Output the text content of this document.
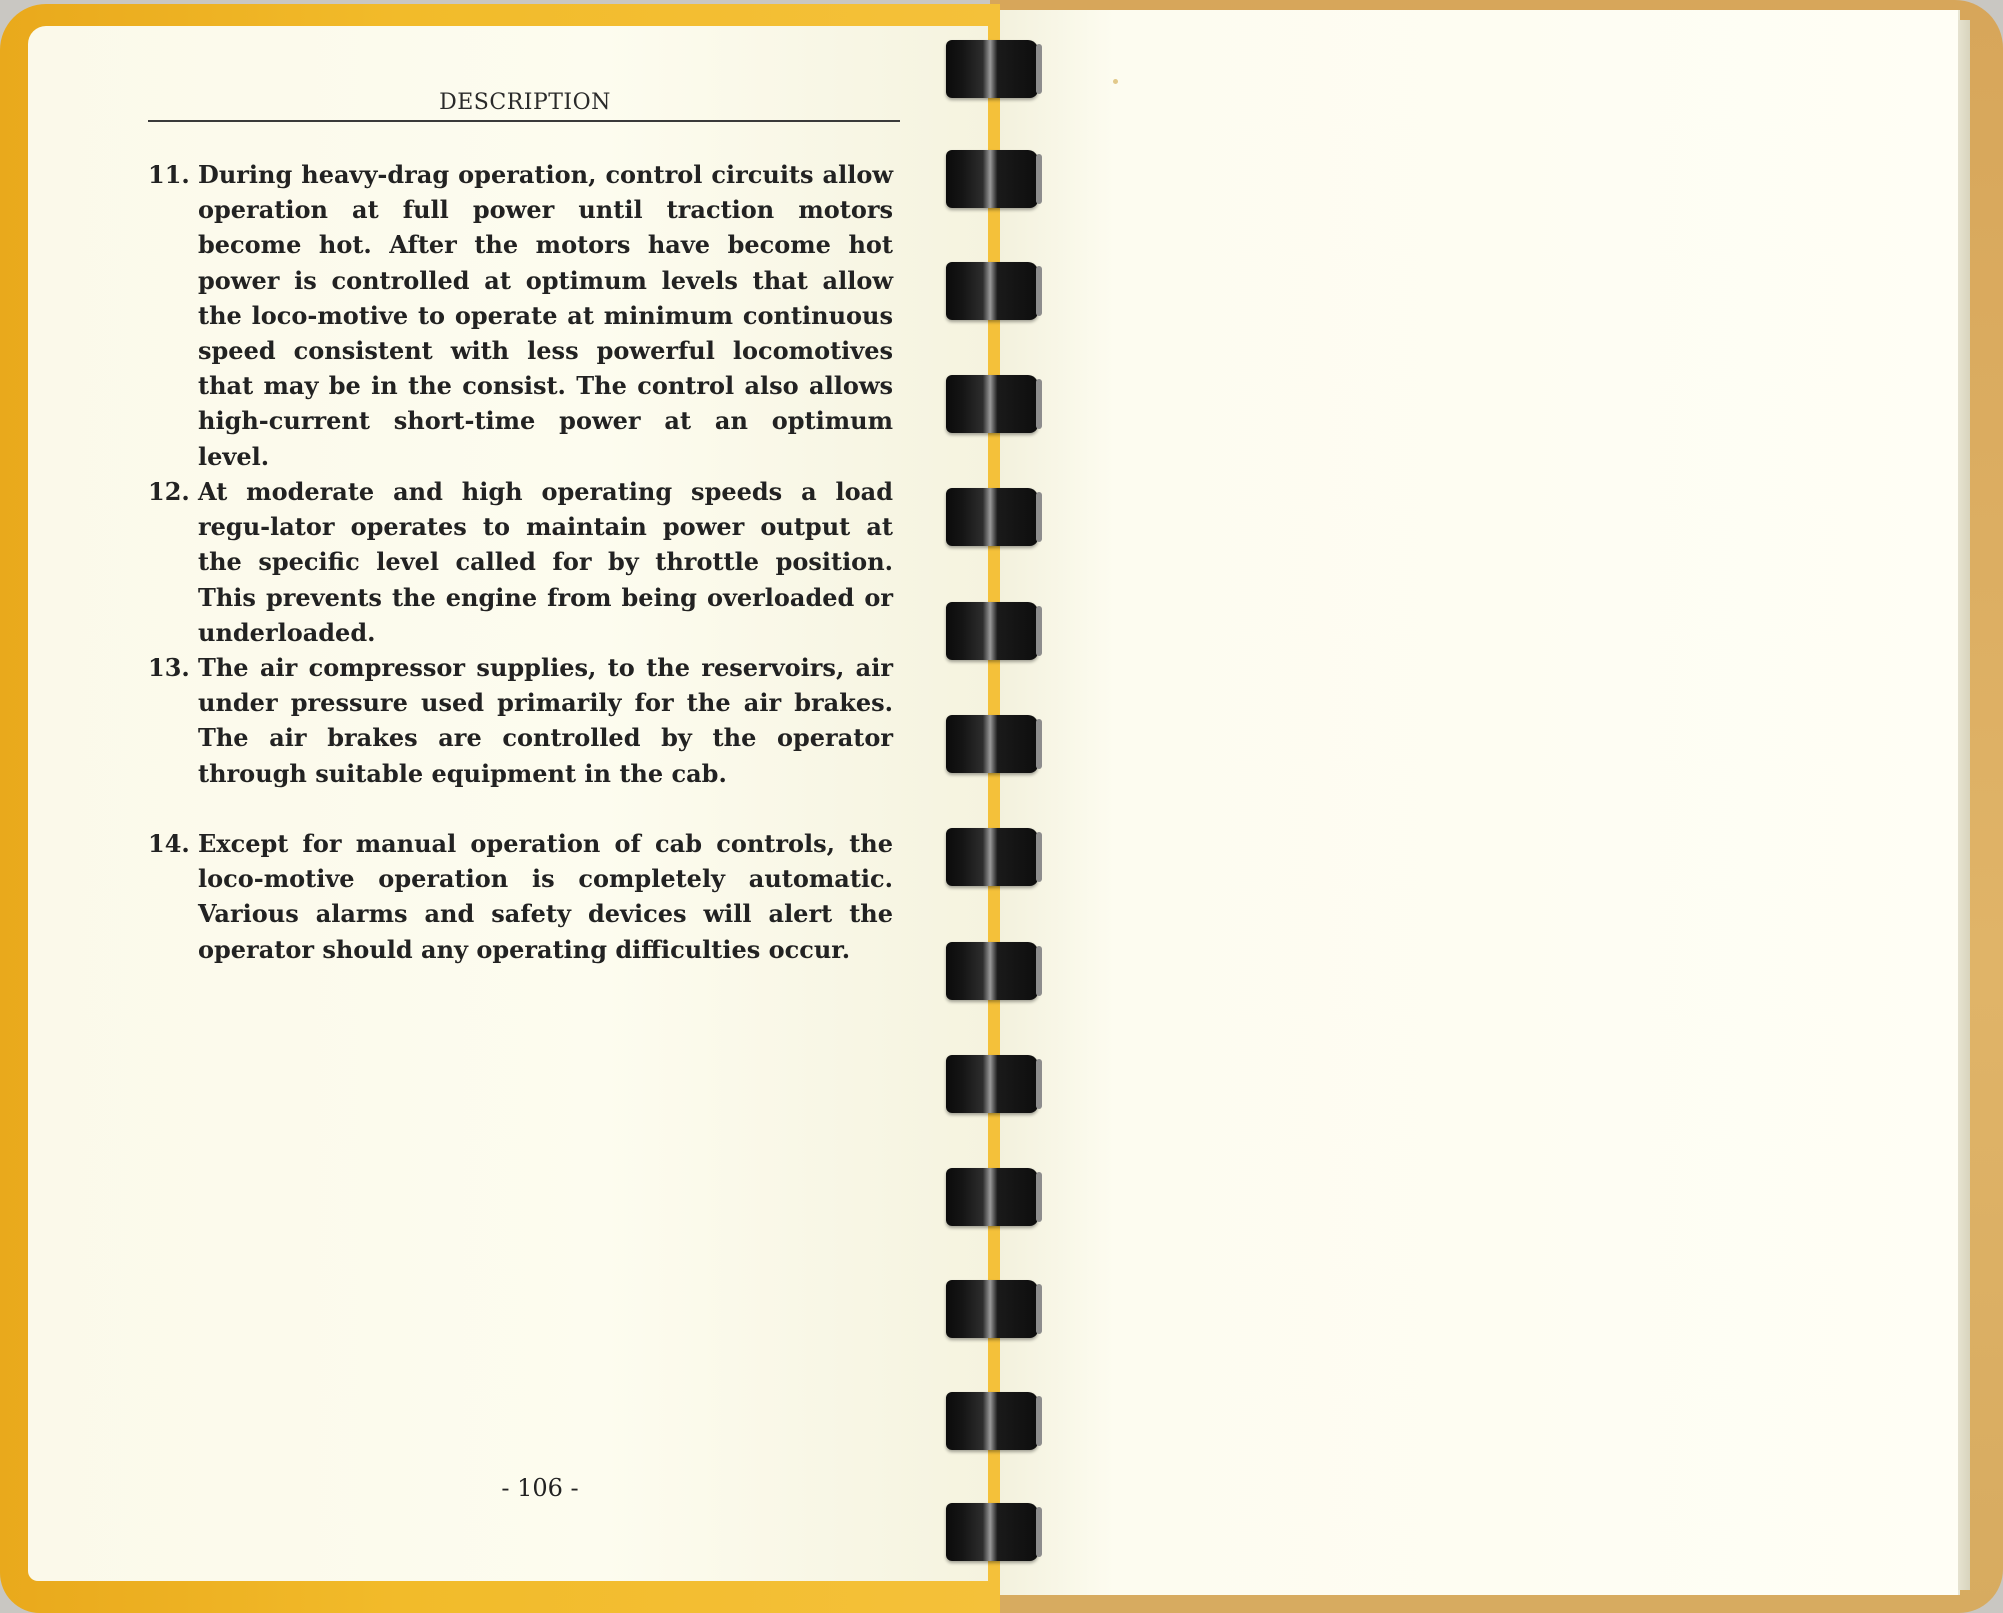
DESCRIPTION
11. During heavy-drag operation, control circuits allow operation at full power until traction motors become hot. After the motors have become hot power is controlled at optimum levels that allow the loco-motive to operate at minimum continuous speed consistent with less powerful locomotives that may be in the consist. The control also allows high-current short-time power at an optimum level.
12. At moderate and high operating speeds a load regu-lator operates to maintain power output at the specific level called for by throttle position. This prevents the engine from being overloaded or underloaded.
13. The air compressor supplies, to the reservoirs, air under pressure used primarily for the air brakes. The air brakes are controlled by the operator through suitable equipment in the cab.
14. Except for manual operation of cab controls, the loco-motive operation is completely automatic. Various alarms and safety devices will alert the operator should any operating difficulties occur.
- 106 -
